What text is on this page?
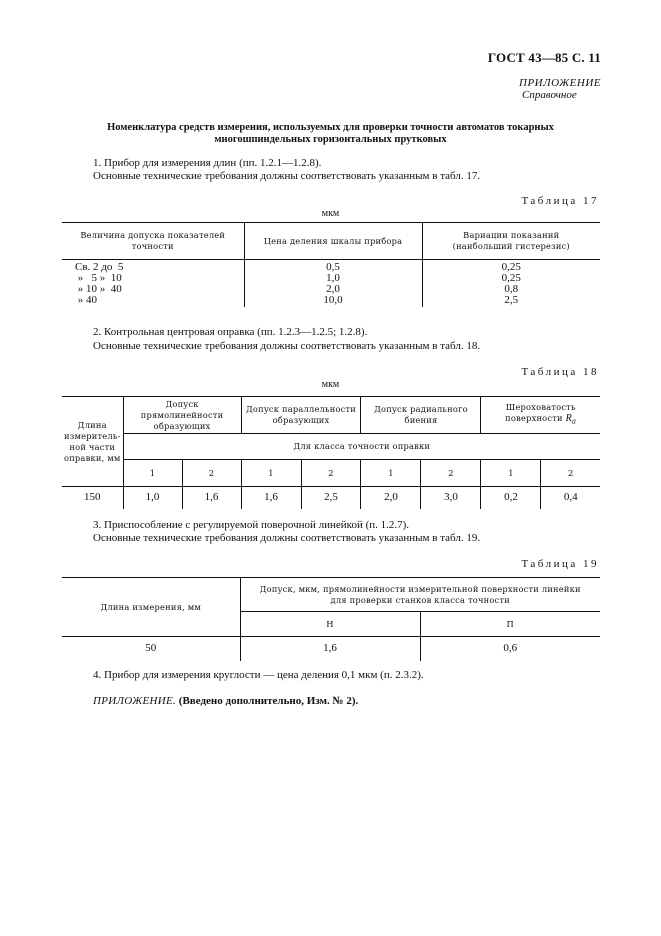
ГОСТ 43—85 С. 11
ПРИЛОЖЕНИЕ
Справочное
Номенклатура средств измерения, используемых для проверки точности автоматов токарных
многошпиндельных горизонтальных прутковых
1. Прибор для измерения длин (пп. 1.2.1—1.2.8).
Основные технические требования должны соответствовать указанным в табл. 17.
Таблица 17
мкм
Величина допуска показателей точности	Цена деления шкалы прибора	Вариации показаний (наибольший гистерезис)
Св. 2 до  5	0,5	0,25
»   5 »  10	1,0	0,25
» 10 »  40	2,0	0,8
» 40	10,0	2,5
2. Контрольная центровая оправка (пп. 1.2.3—1.2.5; 1.2.8).
Основные технические требования должны соответствовать указанным в табл. 18.
Таблица 18
мкм
Длина измеритель-ной части оправки, мм	Допуск прямолинейности образующих		Допуск параллельности образующих		Допуск радиального биения		Шероховатость поверхности $R_a$
	Для класса точности оправки							
	1	2	1	2	1	2	1	2
150	1,0	1,6	1,6	2,5	2,0	3,0	0,2	0,4
3. Приспособление с регулируемой поверочной линейкой (п. 1.2.7).
Основные технические требования должны соответствовать указанным в табл. 19.
Таблица 19
Длина измерения, мм	Допуск, мкм, прямолинейности измерительной поверхности линейки для проверки станков класса точности	
	Н	П
50	1,6	0,6
4. Прибор для измерения круглости — цена деления 0,1 мкм (п. 2.3.2).
ПРИЛОЖЕНИЕ. (Введено дополнительно, Изм. № 2).
